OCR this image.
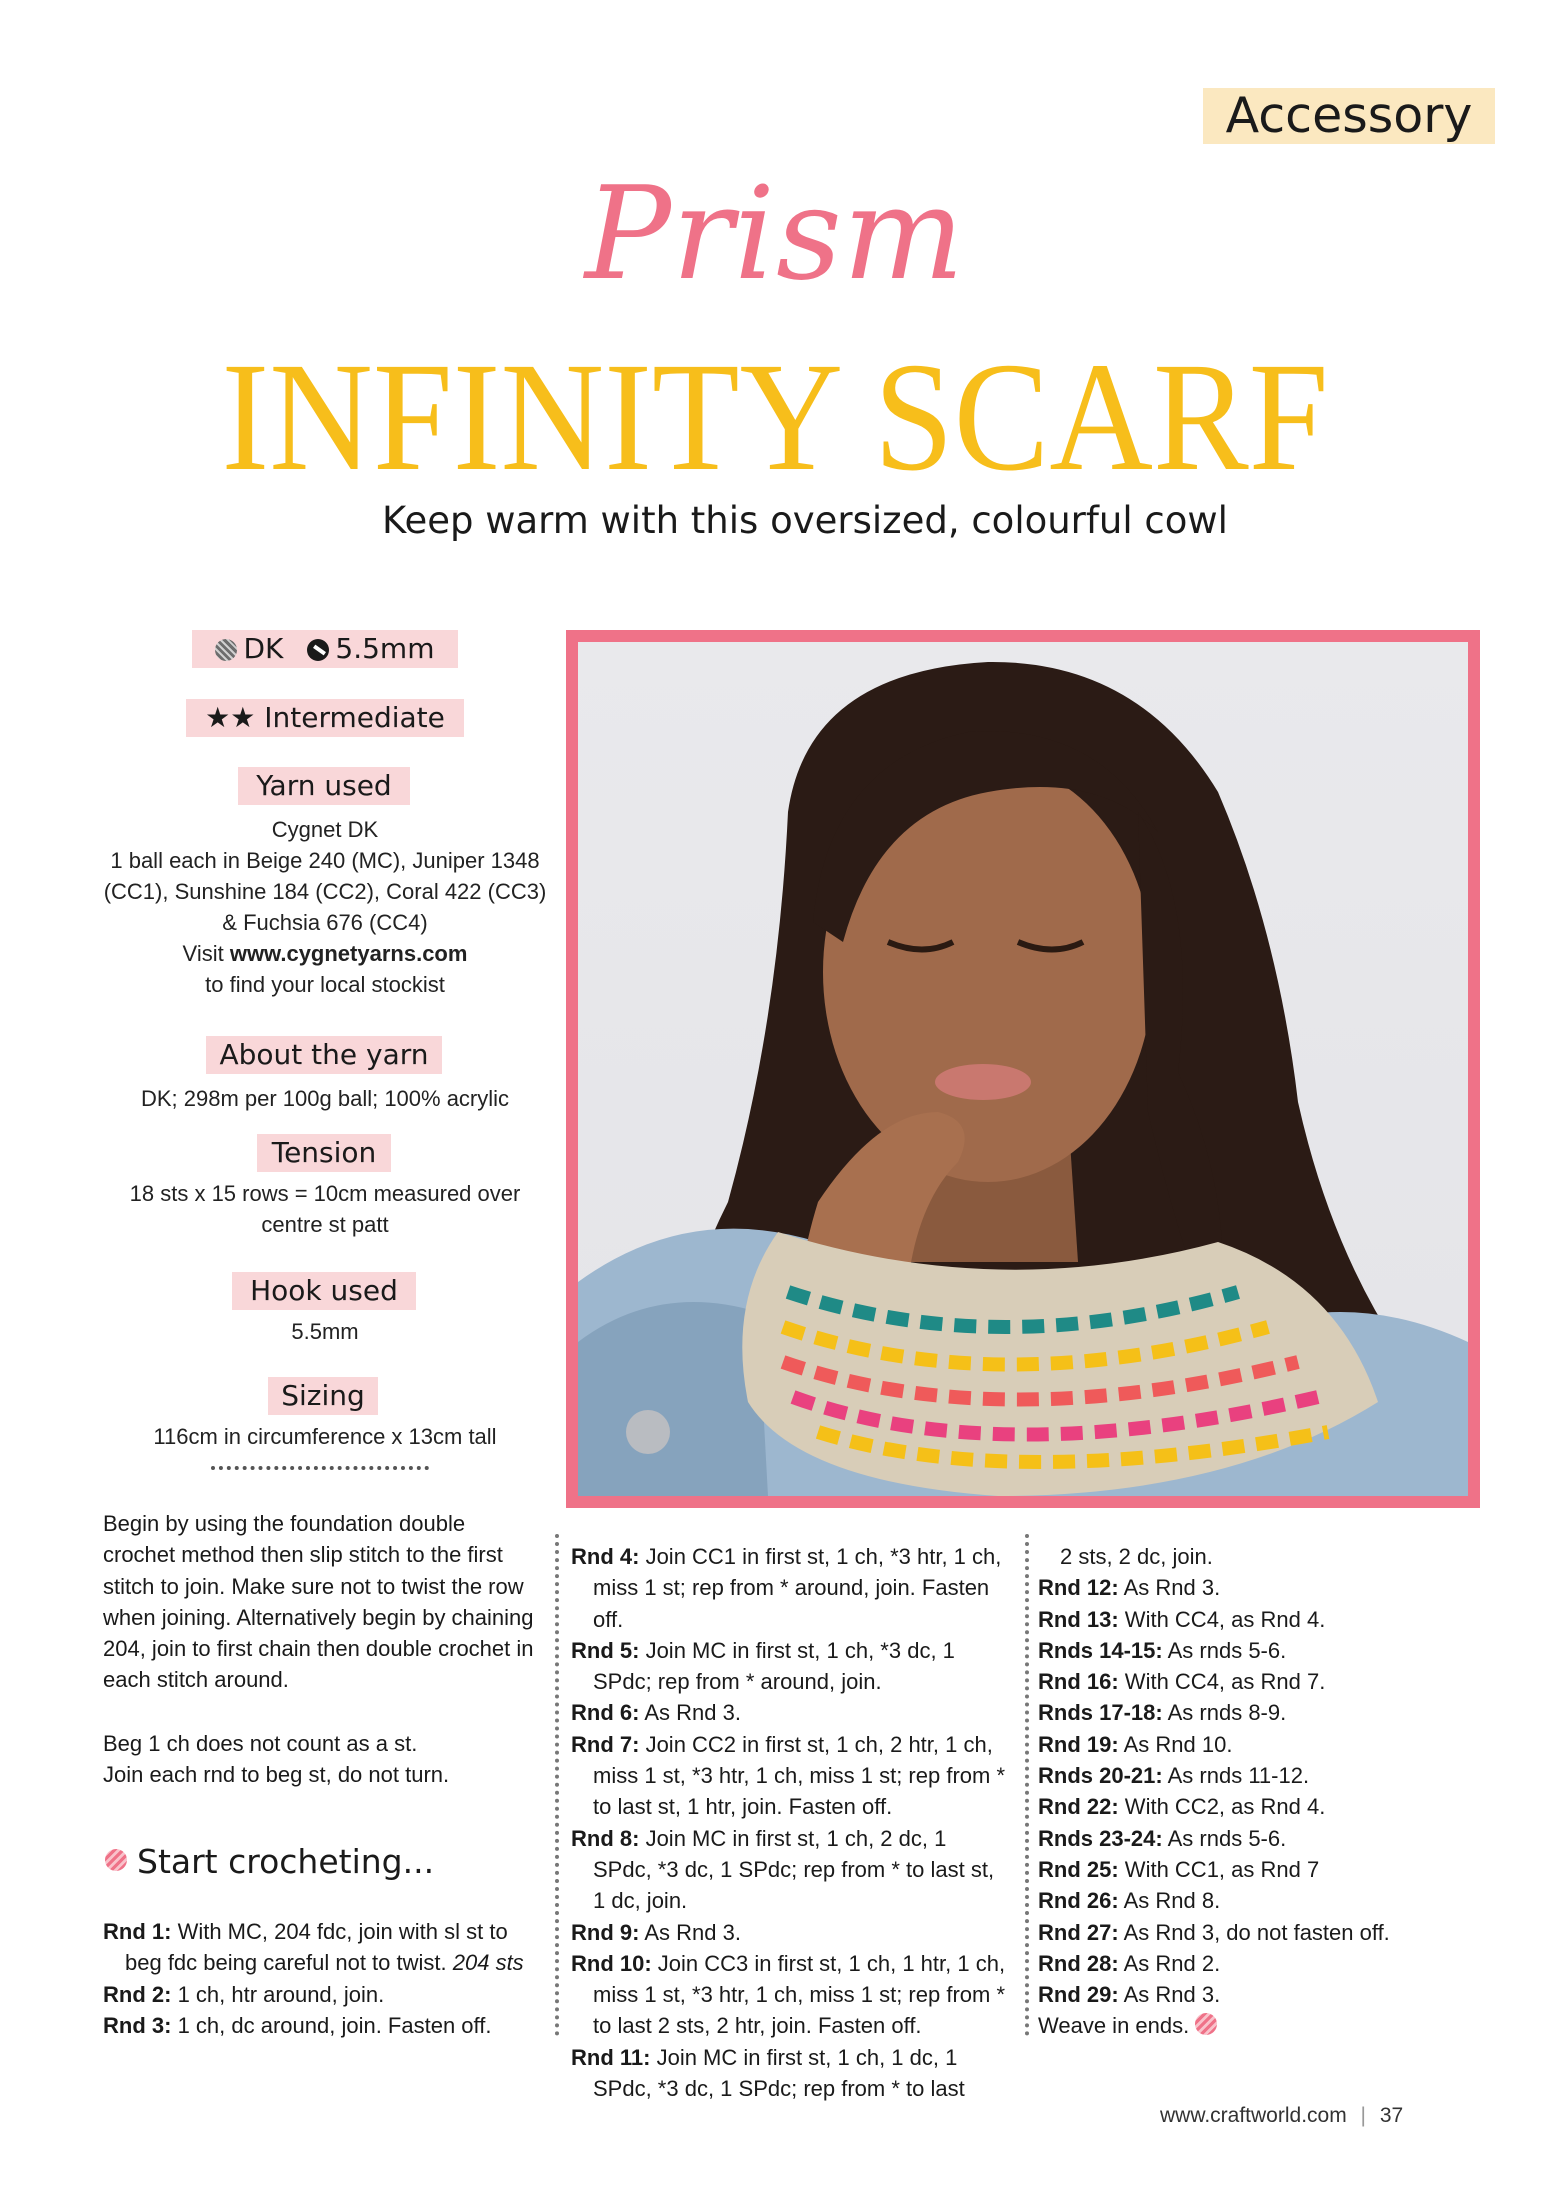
Accessory
Prism
INFINITY SCARF
Keep warm with this oversized, colourful cowl
DK 5.5mm
★★ Intermediate
Yarn used
Cygnet DK
1 ball each in Beige 240 (MC), Juniper 1348
(CC1), Sunshine 184 (CC2), Coral 422 (CC3)
& Fuchsia 676 (CC4)
Visit www.cygnetyarns.com
to find your local stockist
About the yarn
DK; 298m per 100g ball; 100% acrylic
Tension
18 sts x 15 rows = 10cm measured over
centre st patt
Hook used
5.5mm
Sizing
116cm in circumference x 13cm tall
Begin by using the foundation double crochet method then slip stitch to the first stitch to join. Make sure not to twist the row when joining. Alternatively begin by chaining 204, join to first chain then double crochet in each stitch around.

Beg 1 ch does not count as a st.

Join each rnd to beg st, do not turn.

Start crocheting...

Rnd 1: With MC, 204 fdc, join with sl st to beg fdc being careful not to twist. 204 sts

Rnd 2: 1 ch, htr around, join.

Rnd 3: 1 ch, dc around, join. Fasten off.

Rnd 4: Join CC1 in first st, 1 ch, *3 htr, 1 ch, miss 1 st; rep from * around, join. Fasten off.

Rnd 5: Join MC in first st, 1 ch, *3 dc, 1 SPdc; rep from * around, join.

Rnd 6: As Rnd 3.

Rnd 7: Join CC2 in first st, 1 ch, 2 htr, 1 ch, miss 1 st, *3 htr, 1 ch, miss 1 st; rep from * to last st, 1 htr, join. Fasten off.

Rnd 8: Join MC in first st, 1 ch, 2 dc, 1 SPdc, *3 dc, 1 SPdc; rep from * to last st, 1 dc, join.

Rnd 9: As Rnd 3.

Rnd 10: Join CC3 in first st, 1 ch, 1 htr, 1 ch, miss 1 st, *3 htr, 1 ch, miss 1 st; rep from * to last 2 sts, 2 htr, join. Fasten off.

Rnd 11: Join MC in first st, 1 ch, 1 dc, 1 SPdc, *3 dc, 1 SPdc; rep from * to last

2 sts, 2 dc, join.

Rnd 12: As Rnd 3.

Rnd 13: With CC4, as Rnd 4.

Rnds 14-15: As rnds 5-6.

Rnd 16: With CC4, as Rnd 7.

Rnds 17-18: As rnds 8-9.

Rnd 19: As Rnd 10.

Rnds 20-21: As rnds 11-12.

Rnd 22: With CC2, as Rnd 4.

Rnds 23-24: As rnds 5-6.

Rnd 25: With CC1, as Rnd 7

Rnd 26: As Rnd 8.

Rnd 27: As Rnd 3, do not fasten off.

Rnd 28: As Rnd 2.

Rnd 29: As Rnd 3.

Weave in ends.

www.craftworld.com | 37
